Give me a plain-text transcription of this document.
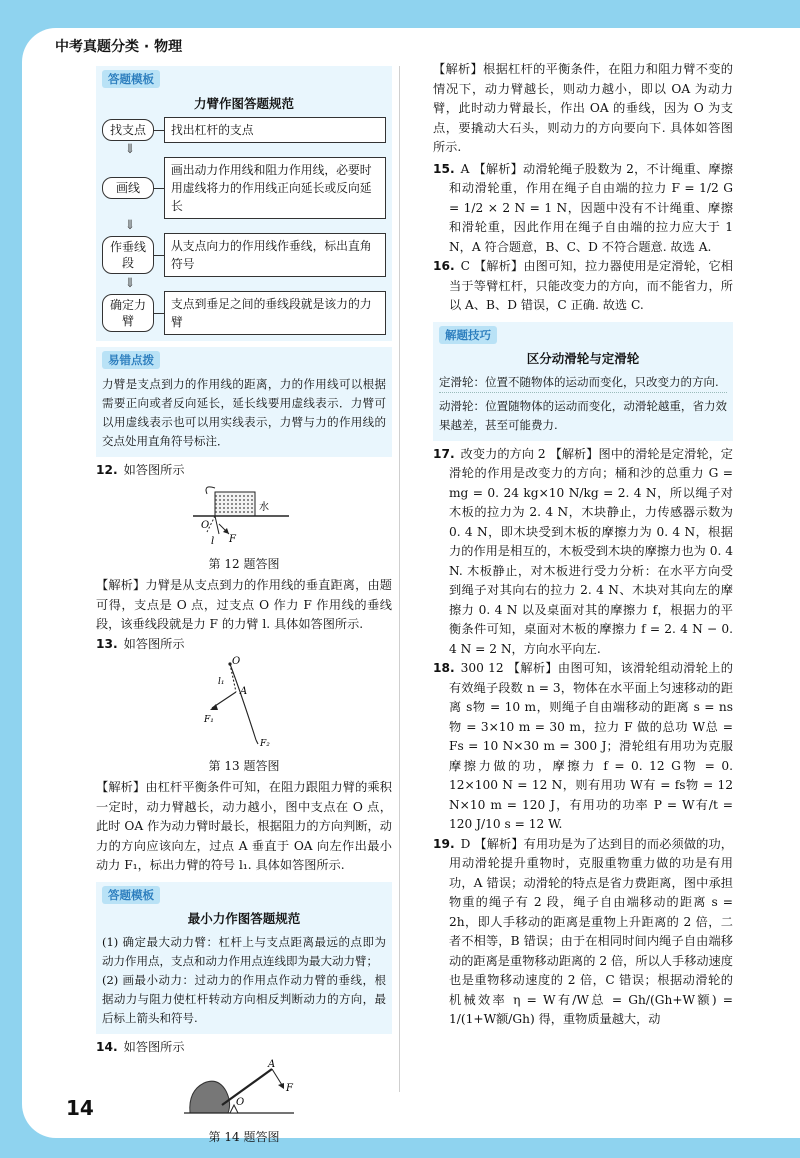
中考真题分类 · 物理
答题模板
力臂作图答题规范
找支点	找出杠杆的支点
⇓
画线
画出动力作用线和阻力作用线，必要时用虚线将力的作用线正向延长或反向延长
⇓
作垂线段
从支点向力的作用线作垂线，标出直角符号
⇓
确定力臂
支点到垂足之间的垂线段就是该力的力臂
易错点拨

力臂是支点到力的作用线的距离，力的作用线可以根据需要正向或者反向延长，延长线要用虚线表示．力臂可以用虚线表示也可以用实线表示，力臂与力的作用线的交点处用直角符号标注．

12. 如答图所示

水
O
l F
第 12 题答图

【解析】力臂是从支点到力的作用线的垂直距离，由题可得，支点是 O 点，过支点 O 作力 F 作用线的垂线段，该垂线段就是力 F 的力臂 l. 具体如答图所示.

13. 如答图所示

O
l₁
A
F₁
F₂
第 13 题答图

【解析】由杠杆平衡条件可知，在阻力跟阻力臂的乘积一定时，动力臂越长，动力越小，图中支点在 O 点，此时 OA 作为动力臂时最长，根据阻力的方向判断，动力的方向应该向左，过点 A 垂直于 OA 向左作出最小动力 F₁，标出力臂的符号 l₁. 具体如答图所示.

答题模板
最小力作图答题规范

(1) 确定最大动力臂：杠杆上与支点距离最远的点即为动力作用点，支点和动力作用点连线即为最大动力臂；

(2) 画最小动力：过动力的作用点作动力臂的垂线，根据动力与阻力使杠杆转动方向相反判断动力的方向，最后标上箭头和符号.

14. 如答图所示

A
O
F
第 14 题答图

【解析】根据杠杆的平衡条件，在阻力和阻力臂不变的情况下，动力臂越长，则动力越小，即以 OA 为动力臂，此时动力臂最长，作出 OA 的垂线，因为 O 为支点，要撬动大石头，则动力的方向要向下. 具体如答图所示.

15. A 【解析】动滑轮绳子股数为 2，不计绳重、摩擦和动滑轮重，作用在绳子自由端的拉力 F = 1/2 G = 1/2 × 2 N = 1 N，因题中没有不计绳重、摩擦和滑轮重，因此作用在绳子自由端的拉力应大于 1 N，A 符合题意，B、C、D 不符合题意. 故选 A.

16. C 【解析】由图可知，拉力器使用是定滑轮，它相当于等臂杠杆，只能改变力的方向，而不能省力，所以 A、B、D 错误，C 正确. 故选 C.

解题技巧
区分动滑轮与定滑轮

定滑轮：位置不随物体的运动而变化，只改变力的方向.

动滑轮：位置随物体的运动而变化，动滑轮越重，省力效果越差，甚至可能费力.

17. 改变力的方向 2 【解析】图中的滑轮是定滑轮，定滑轮的作用是改变力的方向；桶和沙的总重力 G = mg = 0. 24 kg×10 N/kg = 2. 4 N，所以绳子对木板的拉力为 2. 4 N，木块静止，力传感器示数为 0. 4 N，即木块受到木板的摩擦力为 0. 4 N，根据力的作用是相互的，木板受到木块的摩擦力也为 0. 4 N. 木板静止，对木板进行受力分析：在水平方向受到绳子对其向右的拉力 2. 4 N、木块对其向左的摩擦力 0. 4 N 以及桌面对其的摩擦力 f，根据力的平衡条件可知，桌面对木板的摩擦力 f = 2. 4 N − 0. 4 N = 2 N，方向水平向左.

18. 300 12 【解析】由图可知，该滑轮组动滑轮上的有效绳子段数 n = 3，物体在水平面上匀速移动的距离 s物 = 10 m，则绳子自由端移动的距离 s = ns物 = 3×10 m = 30 m，拉力 F 做的总功 W总 = Fs = 10 N×30 m = 300 J；滑轮组有用功为克服摩擦力做的功，摩擦力 f = 0. 12 G物 = 0. 12×100 N = 12 N，则有用功 W有 = fs物 = 12 N×10 m = 120 J，有用功的功率 P = W有/t = 120 J/10 s = 12 W.

19. D 【解析】有用功是为了达到目的而必须做的功，用动滑轮提升重物时，克服重物重力做的功是有用功，A 错误；动滑轮的特点是省力费距离，图中承担物重的绳子有 2 段，绳子自由端移动的距离 s = 2h，即人手移动的距离是重物上升距离的 2 倍，二者不相等，B 错误；由于在相同时间内绳子自由端移动的距离是重物移动距离的 2 倍，所以人手移动速度也是重物移动速度的 2 倍，C 错误；根据动滑轮的机械效率 η = W有/W总 = Gh/(Gh+W额) = 1/(1+W额/Gh) 得，重物质量越大，动

14
